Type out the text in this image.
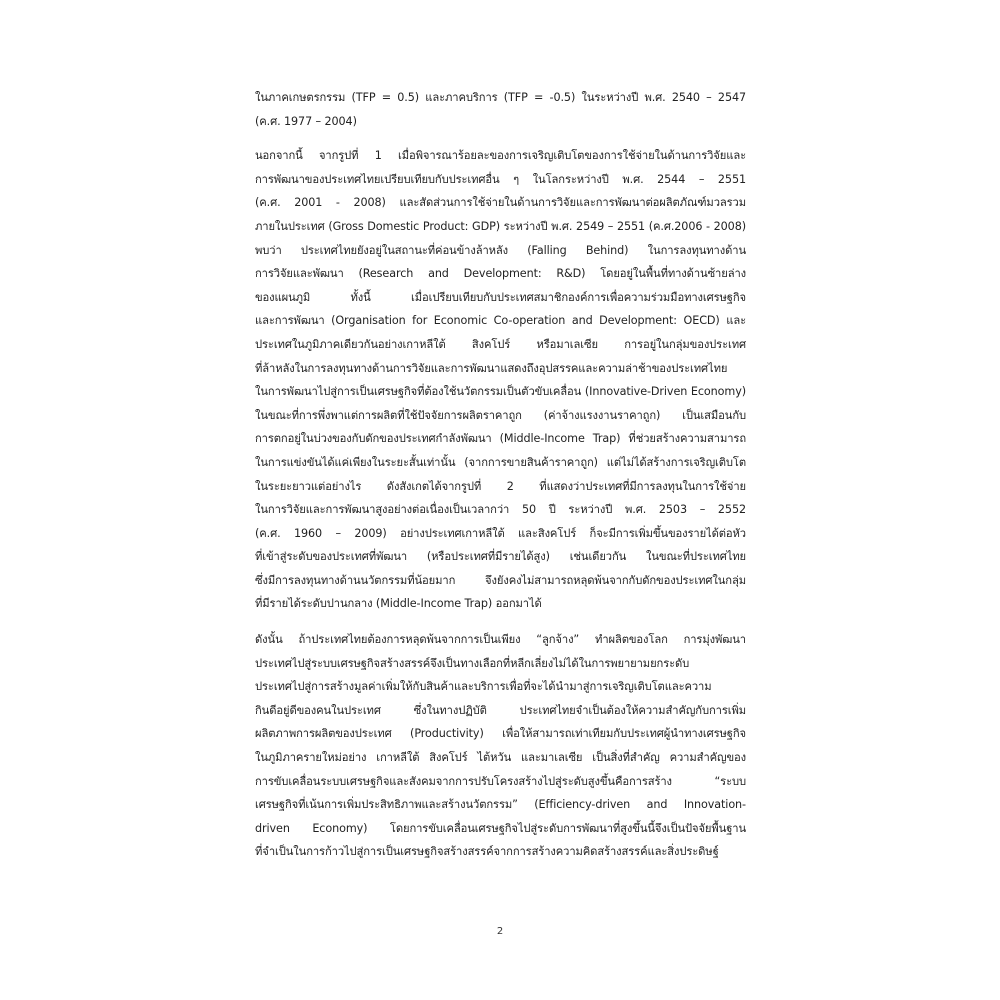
ในภาคเกษตรกรรม (TFP = 0.5) และภาคบริการ (TFP = -0.5) ในระหว่างปี พ.ศ. 2540 – 2547
(ค.ศ. 1977 – 2004)
นอกจากนี้ จากรูปที่ 1 เมื่อพิจารณาร้อยละของการเจริญเติบโตของการใช้จ่ายในด้านการวิจัยและ
การพัฒนาของประเทศไทยเปรียบเทียบกับประเทศอื่น ๆ ในโลกระหว่างปี พ.ศ. 2544 – 2551
(ค.ศ. 2001 - 2008) และสัดส่วนการใช้จ่ายในด้านการวิจัยและการพัฒนาต่อผลิตภัณฑ์มวลรวม
ภายในประเทศ (Gross Domestic Product: GDP) ระหว่างปี พ.ศ. 2549 – 2551 (ค.ศ.2006 - 2008)
พบว่า ประเทศไทยยังอยู่ในสถานะที่ค่อนข้างล้าหลัง (Falling Behind) ในการลงทุนทางด้าน
การวิจัยและพัฒนา (Research and Development: R&D) โดยอยู่ในพื้นที่ทางด้านซ้ายล่าง
ของแผนภูมิ ทั้งนี้ เมื่อเปรียบเทียบกับประเทศสมาชิกองค์การเพื่อความร่วมมือทางเศรษฐกิจ
และการพัฒนา (Organisation for Economic Co-operation and Development: OECD) และ
ประเทศในภูมิภาคเดียวกันอย่างเกาหลีใต้ สิงคโปร์ หรือมาเลเซีย การอยู่ในกลุ่มของประเทศ
ที่ล้าหลังในการลงทุนทางด้านการวิจัยและการพัฒนาแสดงถึงอุปสรรคและความล่าช้าของประเทศไทย
ในการพัฒนาไปสู่การเป็นเศรษฐกิจที่ต้องใช้นวัตกรรมเป็นตัวขับเคลื่อน (Innovative-Driven Economy)
ในขณะที่การพึ่งพาแต่การผลิตที่ใช้ปัจจัยการผลิตราคาถูก (ค่าจ้างแรงงานราคาถูก) เป็นเสมือนกับ
การตกอยู่ในบ่วงของกับดักของประเทศกำลังพัฒนา (Middle-Income Trap) ที่ช่วยสร้างความสามารถ
ในการแข่งขันได้แค่เพียงในระยะสั้นเท่านั้น (จากการขายสินค้าราคาถูก) แต่ไม่ได้สร้างการเจริญเติบโต
ในระยะยาวแต่อย่างไร ดังสังเกตได้จากรูปที่ 2 ที่แสดงว่าประเทศที่มีการลงทุนในการใช้จ่าย
ในการวิจัยและการพัฒนาสูงอย่างต่อเนื่องเป็นเวลากว่า 50 ปี ระหว่างปี พ.ศ. 2503 – 2552
(ค.ศ. 1960 – 2009) อย่างประเทศเกาหลีใต้ และสิงคโปร์ ก็จะมีการเพิ่มขึ้นของรายได้ต่อหัว
ที่เข้าสู่ระดับของประเทศที่พัฒนา (หรือประเทศที่มีรายได้สูง) เช่นเดียวกัน ในขณะที่ประเทศไทย
ซึ่งมีการลงทุนทางด้านนวัตกรรมที่น้อยมาก จึงยังคงไม่สามารถหลุดพ้นจากกับดักของประเทศในกลุ่ม
ที่มีรายได้ระดับปานกลาง (Middle-Income Trap) ออกมาได้
ดังนั้น ถ้าประเทศไทยต้องการหลุดพ้นจากการเป็นเพียง “ลูกจ้าง” ทำผลิตของโลก การมุ่งพัฒนา
ประเทศไปสู่ระบบเศรษฐกิจสร้างสรรค์จึงเป็นทางเลือกที่หลีกเลี่ยงไม่ได้ในการพยายามยกระดับ
ประเทศไปสู่การสร้างมูลค่าเพิ่มให้กับสินค้าและบริการเพื่อที่จะได้นำมาสู่การเจริญเติบโตและความ
กินดีอยู่ดีของคนในประเทศ ซึ่งในทางปฏิบัติ ประเทศไทยจำเป็นต้องให้ความสำคัญกับการเพิ่ม
ผลิตภาพการผลิตของประเทศ (Productivity) เพื่อให้สามารถเท่าเทียมกับประเทศผู้นำทางเศรษฐกิจ
ในภูมิภาครายใหม่อย่าง เกาหลีใต้ สิงคโปร์ ไต้หวัน และมาเลเซีย เป็นสิ่งที่สำคัญ ความสำคัญของ
การขับเคลื่อนระบบเศรษฐกิจและสังคมจากการปรับโครงสร้างไปสู่ระดับสูงขึ้นคือการสร้าง “ระบบ
เศรษฐกิจที่เน้นการเพิ่มประสิทธิภาพและสร้างนวัตกรรม” (Efficiency-driven and Innovation-
driven Economy) โดยการขับเคลื่อนเศรษฐกิจไปสู่ระดับการพัฒนาที่สูงขึ้นนี้จึงเป็นปัจจัยพื้นฐาน
ที่จำเป็นในการก้าวไปสู่การเป็นเศรษฐกิจสร้างสรรค์จากการสร้างความคิดสร้างสรรค์และสิ่งประดิษฐ์
2
